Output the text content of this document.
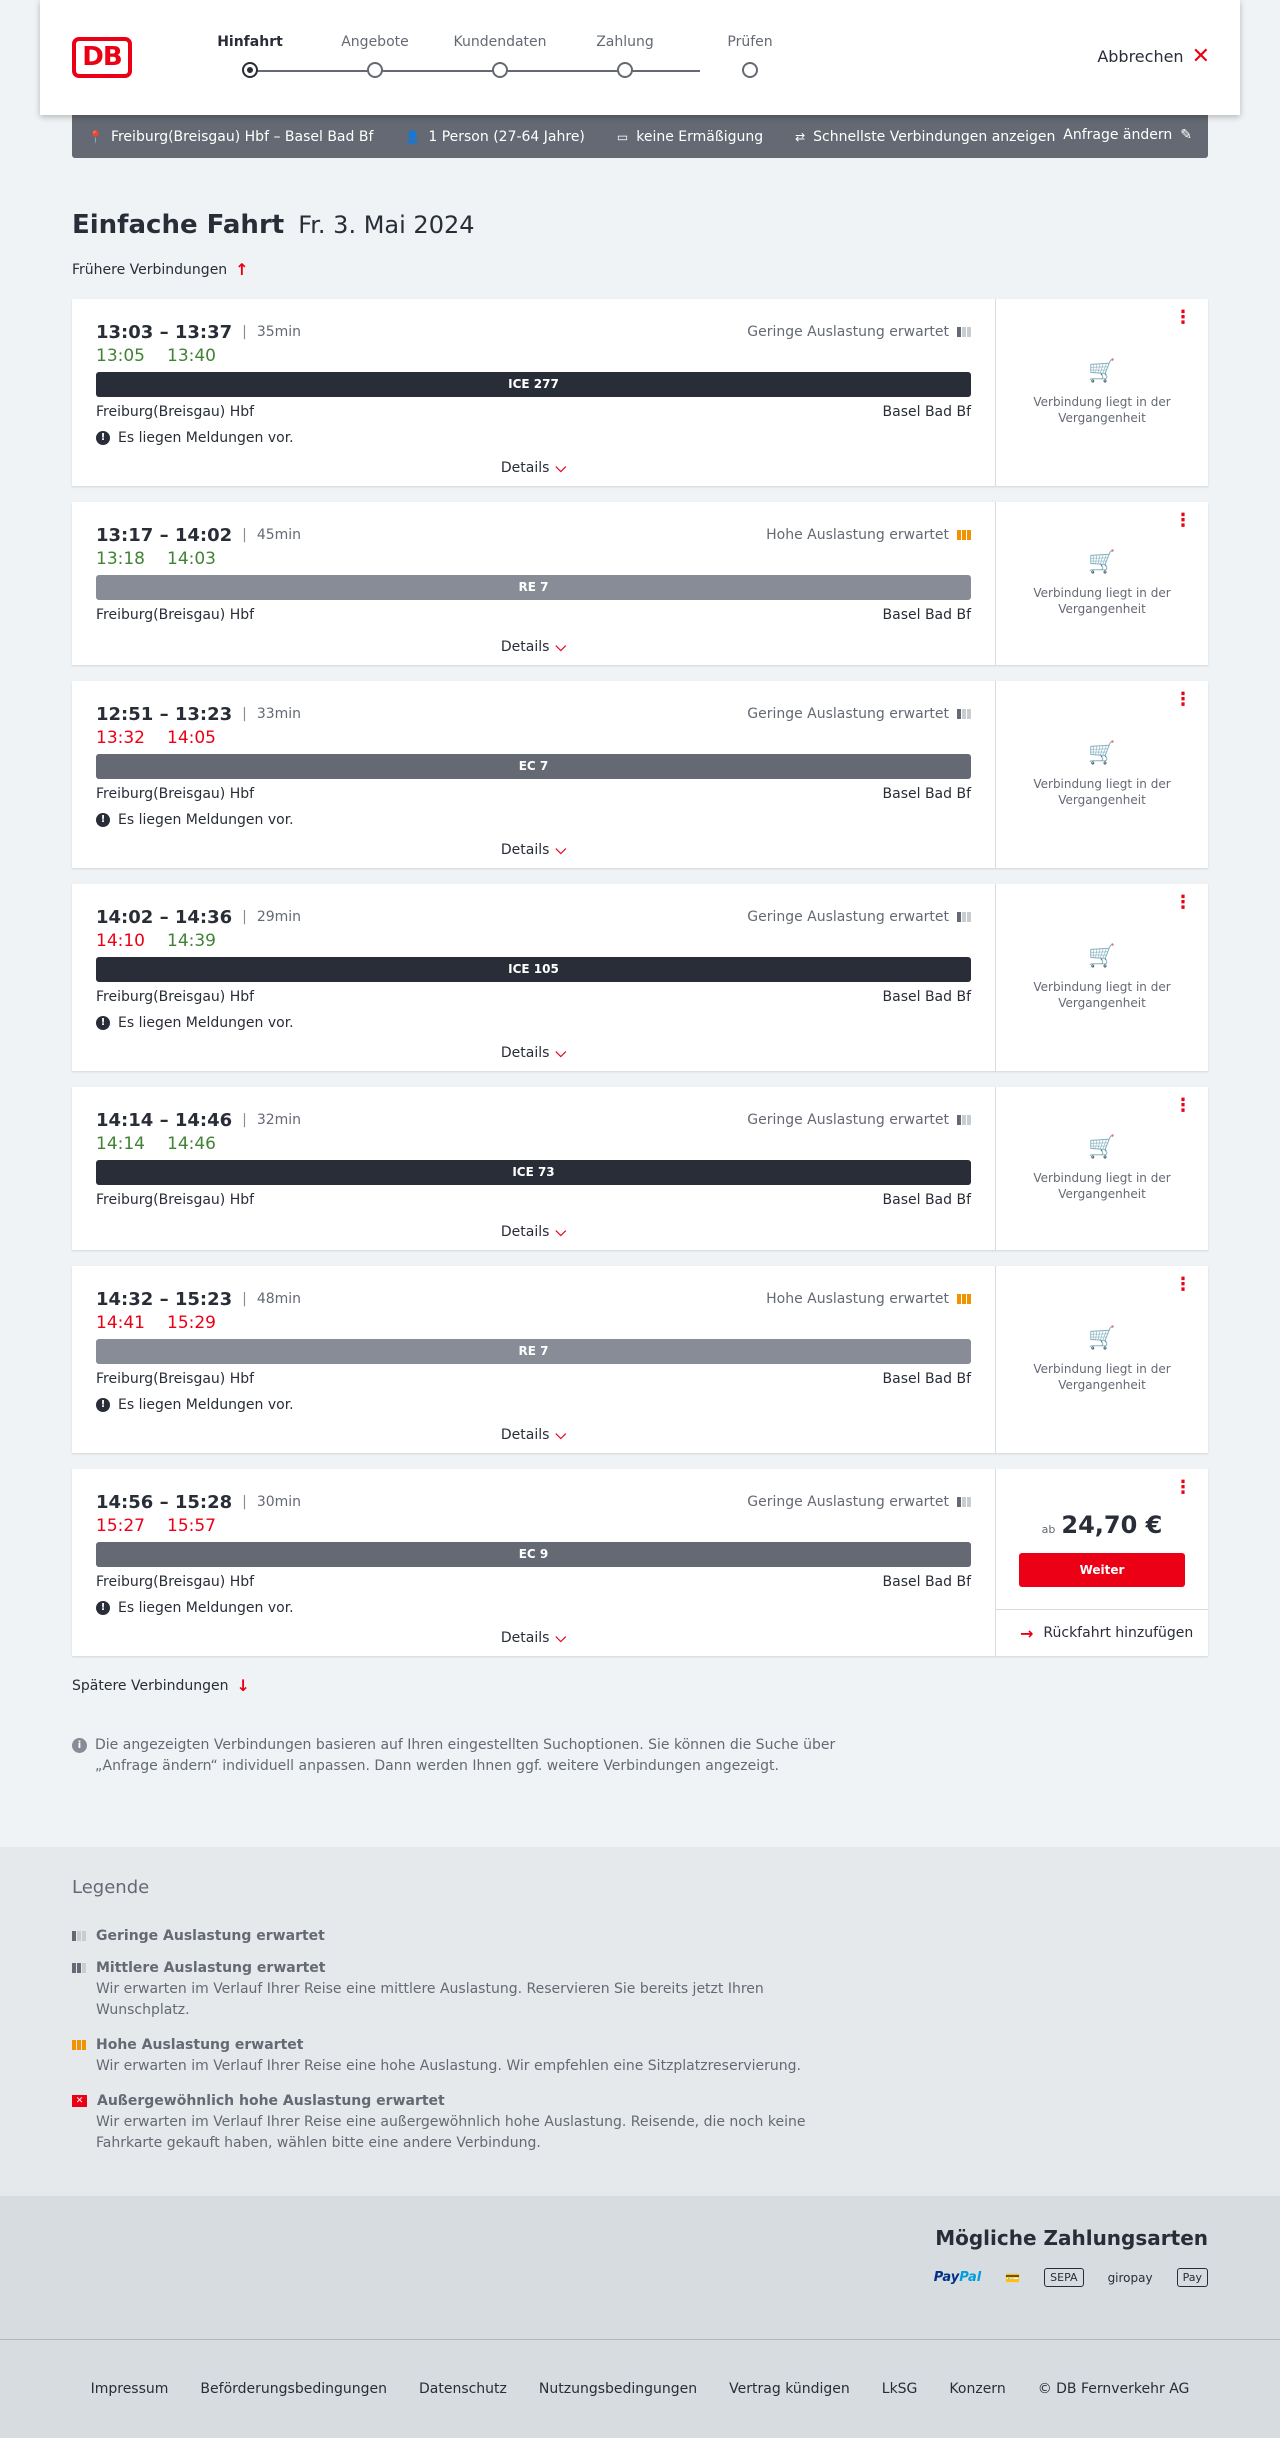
DB	Hinfahrt	Angebote	Kundendaten	Zahlung	Prüfen
Abbrechen ✕
📍 Freiburg(Breisgau) Hbf – Basel Bad Bf	👤 1 Person (27-64 Jahre)	▭ keine Ermäßigung	⇄ Schnellste Verbindungen anzeigen Anfrage ändern ✎
Einfache Fahrt Fr. 3. Mai 2024
Frühere Verbindungen ↑
13:03 – 13:37 | 35min	Geringe Auslastung erwartet
13:05 13:40
ICE 277
Freiburg(Breisgau) Hbf	Basel Bad Bf
! Es liegen Meldungen vor.
Details ⌵
⋮
🛒
Verbindung liegt in der Vergangenheit
13:17 – 14:02 | 45min	Hohe Auslastung erwartet
13:18 14:03
RE 7
Freiburg(Breisgau) Hbf	Basel Bad Bf
Details ⌵
⋮
🛒
Verbindung liegt in der Vergangenheit
12:51 – 13:23 | 33min	Geringe Auslastung erwartet
13:32 14:05
EC 7
Freiburg(Breisgau) Hbf	Basel Bad Bf
! Es liegen Meldungen vor.
Details ⌵
⋮
🛒
Verbindung liegt in der Vergangenheit
14:02 – 14:36 | 29min	Geringe Auslastung erwartet
14:10 14:39
ICE 105
Freiburg(Breisgau) Hbf	Basel Bad Bf
! Es liegen Meldungen vor.
Details ⌵
⋮
🛒
Verbindung liegt in der Vergangenheit
14:14 – 14:46 | 32min	Geringe Auslastung erwartet
14:14 14:46
ICE 73
Freiburg(Breisgau) Hbf	Basel Bad Bf
Details ⌵
⋮
🛒
Verbindung liegt in der Vergangenheit
14:32 – 15:23 | 48min	Hohe Auslastung erwartet
14:41 15:29
RE 7
Freiburg(Breisgau) Hbf	Basel Bad Bf
! Es liegen Meldungen vor.
Details ⌵
⋮
🛒
Verbindung liegt in der Vergangenheit
14:56 – 15:28 | 30min	Geringe Auslastung erwartet
15:27 15:57
EC 9
Freiburg(Breisgau) Hbf	Basel Bad Bf
! Es liegen Meldungen vor.
Details ⌵
⋮
ab 24,70 €
Weiter
→ Rückfahrt hinzufügen
Spätere Verbindungen ↓
i Die angezeigten Verbindungen basieren auf Ihren eingestellten Suchoptionen. Sie können die Suche über „Anfrage ändern“ individuell anpassen. Dann werden Ihnen ggf. weitere Verbindungen angezeigt.
Legende
Geringe Auslastung erwartet
Mittlere Auslastung erwartet
Wir erwarten im Verlauf Ihrer Reise eine mittlere Auslastung. Reservieren Sie bereits jetzt Ihren Wunschplatz.
Hohe Auslastung erwartet
Wir erwarten im Verlauf Ihrer Reise eine hohe Auslastung. Wir empfehlen eine Sitzplatzreservierung.
✕ Außergewöhnlich hohe Auslastung erwartet
Wir erwarten im Verlauf Ihrer Reise eine außergewöhnlich hohe Auslastung. Reisende, die noch keine Fahrkarte gekauft haben, wählen bitte eine andere Verbindung.
Mögliche Zahlungsarten
PayPal 💳	SEPA	giropay	Pay
Impressum Beförderungsbedingungen Datenschutz Nutzungsbedingungen Vertrag kündigen LkSG Konzern © DB Fernverkehr AG
